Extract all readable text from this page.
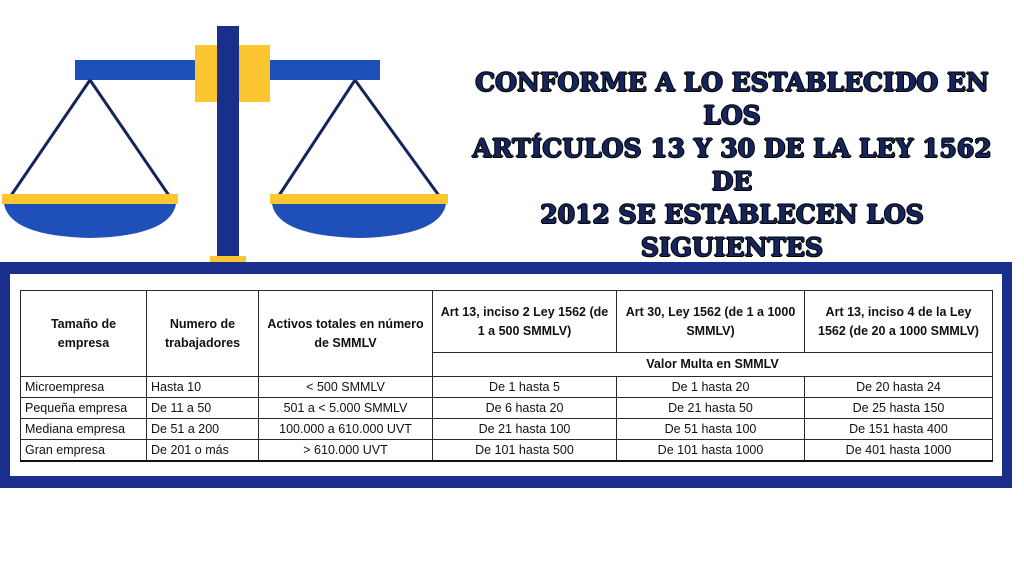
CONFORME A LO ESTABLECIDO EN LOS
ARTÍCULOS 13 Y 30 DE LA LEY 1562 DE
2012 SE ESTABLECEN LOS SIGUIENTES
Tamaño de empresa	Numero de trabajadores	Activos totales en número de SMMLV	Art 13, inciso 2 Ley 1562 (de 1 a 500 SMMLV)	Art 30, Ley 1562 (de 1 a 1000 SMMLV)	Art 13, inciso 4 de la Ley 1562 (de 20 a 1000 SMMLV)
			Valor Multa en SMMLV		
Microempresa	Hasta 10	< 500 SMMLV	De 1 hasta 5	De 1 hasta 20	De 20 hasta 24
Pequeña empresa	De 11 a 50	501 a < 5.000 SMMLV	De 6 hasta 20	De 21 hasta 50	De 25 hasta 150
Mediana empresa	De 51 a 200	100.000 a 610.000 UVT	De 21 hasta 100	De 51 hasta 100	De 151 hasta 400
Gran empresa	De 201 o más	> 610.000 UVT	De 101 hasta 500	De 101 hasta 1000	De 401 hasta 1000
